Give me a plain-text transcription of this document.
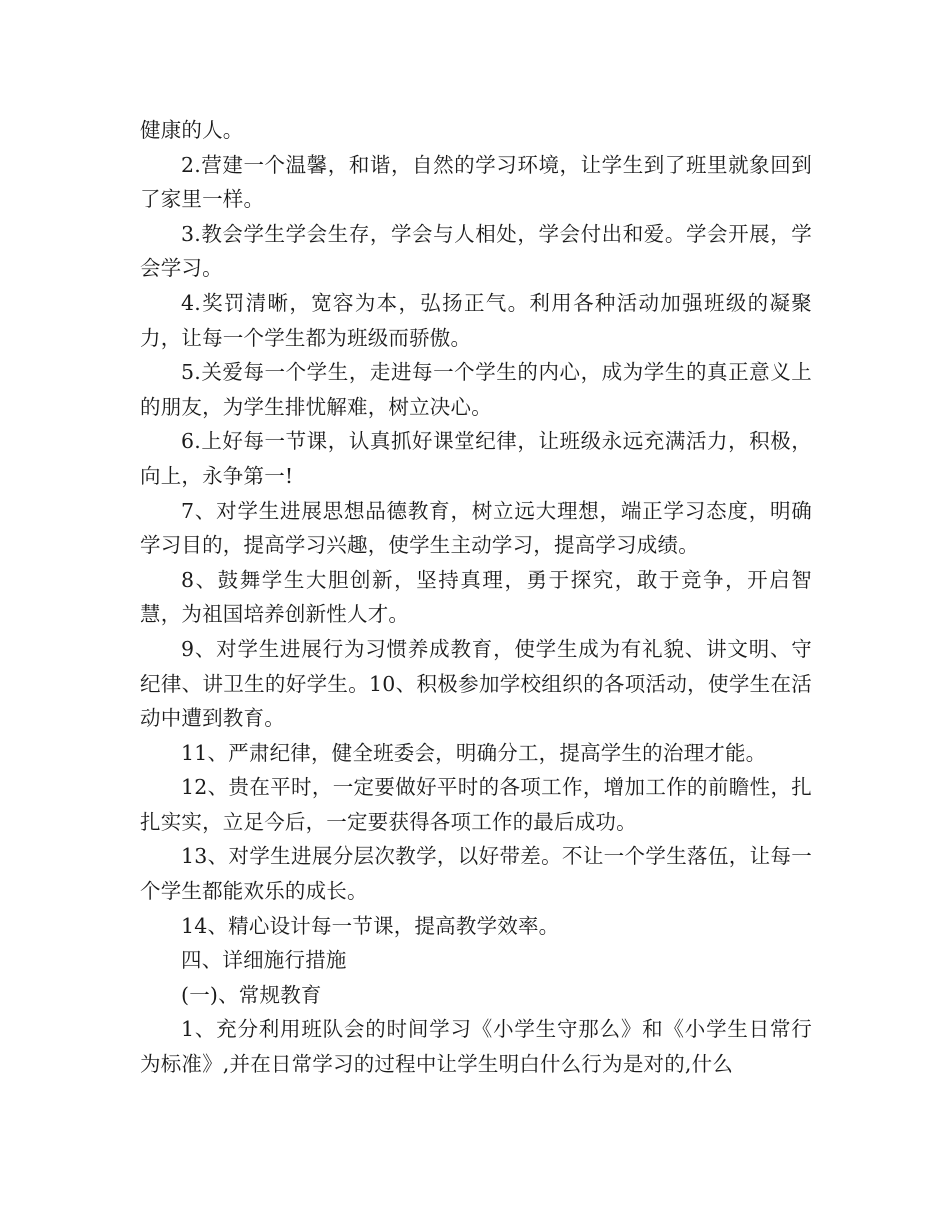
健康的人。

2.营建一个温馨，和谐，自然的学习环境，让学生到了班里就象回到了家里一样。

3.教会学生学会生存，学会与人相处，学会付出和爱。学会开展，学会学习。

4.奖罚清晰，宽容为本，弘扬正气。利用各种活动加强班级的凝聚力，让每一个学生都为班级而骄傲。

5.关爱每一个学生，走进每一个学生的内心，成为学生的真正意义上的朋友，为学生排忧解难，树立决心。

6.上好每一节课，认真抓好课堂纪律，让班级永远充满活力，积极，向上，永争第一!

7、对学生进展思想品德教育，树立远大理想，端正学习态度，明确学习目的，提高学习兴趣，使学生主动学习，提高学习成绩。

8、鼓舞学生大胆创新，坚持真理，勇于探究，敢于竞争，开启智慧，为祖国培养创新性人才。

9、对学生进展行为习惯养成教育，使学生成为有礼貌、讲文明、守纪律、讲卫生的好学生。10、积极参加学校组织的各项活动，使学生在活动中遭到教育。

11、严肃纪律，健全班委会，明确分工，提高学生的治理才能。

12、贵在平时，一定要做好平时的各项工作，增加工作的前瞻性，扎扎实实，立足今后，一定要获得各项工作的最后成功。

13、对学生进展分层次教学，以好带差。不让一个学生落伍，让每一个学生都能欢乐的成长。

14、精心设计每一节课，提高教学效率。

四、详细施行措施

(一)、常规教育

1、充分利用班队会的时间学习《小学生守那么》和《小学生日常行为标准》,并在日常学习的过程中让学生明白什么行为是对的,什么
